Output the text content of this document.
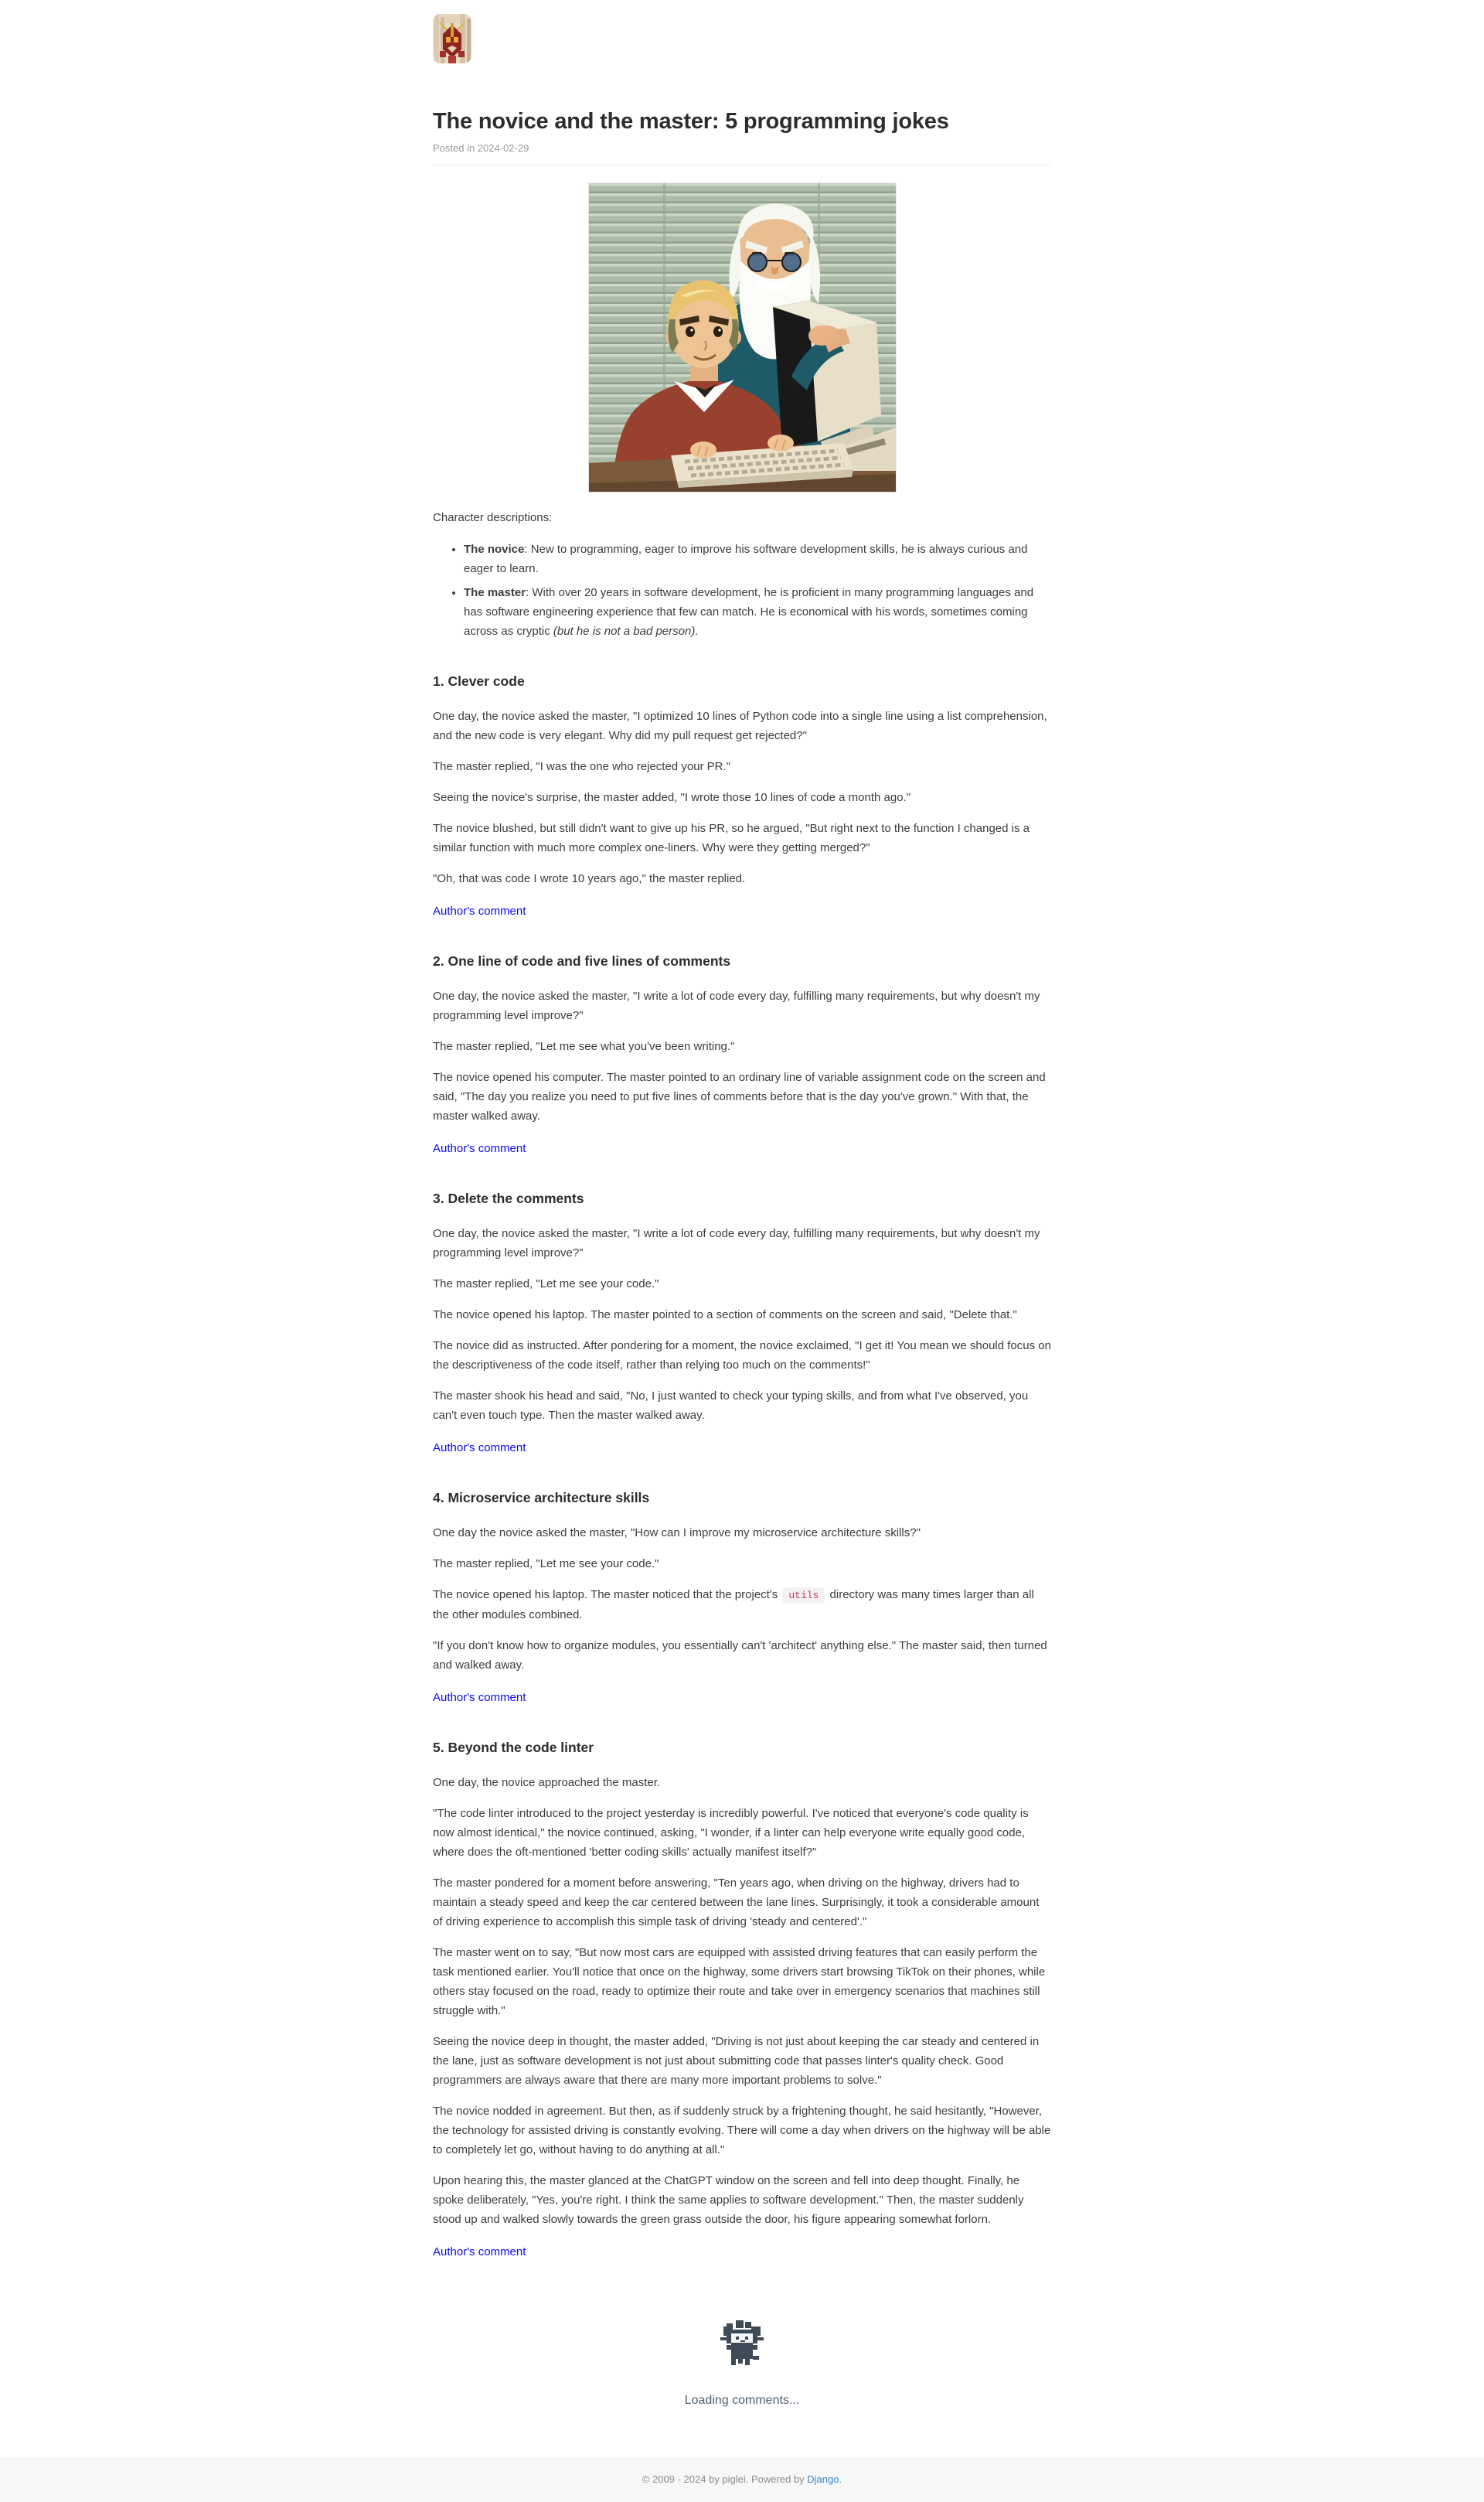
The novice and the master: 5 programming jokes
Posted in 2024-02-29

Character descriptions:

• The novice: New to programming, eager to improve his software development skills, he is always curious and eager to learn.
• The master: With over 20 years in software development, he is proficient in many programming languages and has software engineering experience that few can match. He is economical with his words, sometimes coming across as cryptic (but he is not a bad person).
1. Clever code

One day, the novice asked the master, "I optimized 10 lines of Python code into a single line using a list comprehension, and the new code is very elegant. Why did my pull request get rejected?"

The master replied, "I was the one who rejected your PR."

Seeing the novice's surprise, the master added, "I wrote those 10 lines of code a month ago."

The novice blushed, but still didn't want to give up his PR, so he argued, "But right next to the function I changed is a similar function with much more complex one-liners. Why were they getting merged?"

"Oh, that was code I wrote 10 years ago," the master replied.

Author's comment

2. One line of code and five lines of comments

One day, the novice asked the master, "I write a lot of code every day, fulfilling many requirements, but why doesn't my programming level improve?"

The master replied, "Let me see what you've been writing."

The novice opened his computer. The master pointed to an ordinary line of variable assignment code on the screen and said, "The day you realize you need to put five lines of comments before that is the day you've grown." With that, the master walked away.

Author's comment

3. Delete the comments

One day, the novice asked the master, "I write a lot of code every day, fulfilling many requirements, but why doesn't my programming level improve?"

The master replied, "Let me see your code."

The novice opened his laptop. The master pointed to a section of comments on the screen and said, "Delete that."

The novice did as instructed. After pondering for a moment, the novice exclaimed, "I get it! You mean we should focus on the descriptiveness of the code itself, rather than relying too much on the comments!"

The master shook his head and said, "No, I just wanted to check your typing skills, and from what I've observed, you can't even touch type. Then the master walked away.

Author's comment

4. Microservice architecture skills

One day the novice asked the master, "How can I improve my microservice architecture skills?"

The master replied, "Let me see your code."

The novice opened his laptop. The master noticed that the project's utils directory was many times larger than all the other modules combined.

"If you don't know how to organize modules, you essentially can't 'architect' anything else." The master said, then turned and walked away.

Author's comment

5. Beyond the code linter

One day, the novice approached the master.

"The code linter introduced to the project yesterday is incredibly powerful. I've noticed that everyone's code quality is now almost identical," the novice continued, asking, "I wonder, if a linter can help everyone write equally good code, where does the oft-mentioned 'better coding skills' actually manifest itself?"

The master pondered for a moment before answering, "Ten years ago, when driving on the highway, drivers had to maintain a steady speed and keep the car centered between the lane lines. Surprisingly, it took a considerable amount of driving experience to accomplish this simple task of driving 'steady and centered'."

The master went on to say, "But now most cars are equipped with assisted driving features that can easily perform the task mentioned earlier. You'll notice that once on the highway, some drivers start browsing TikTok on their phones, while others stay focused on the road, ready to optimize their route and take over in emergency scenarios that machines still struggle with."

Seeing the novice deep in thought, the master added, "Driving is not just about keeping the car steady and centered in the lane, just as software development is not just about submitting code that passes linter's quality check. Good programmers are always aware that there are many more important problems to solve."

The novice nodded in agreement. But then, as if suddenly struck by a frightening thought, he said hesitantly, "However, the technology for assisted driving is constantly evolving. There will come a day when drivers on the highway will be able to completely let go, without having to do anything at all."

Upon hearing this, the master glanced at the ChatGPT window on the screen and fell into deep thought. Finally, he spoke deliberately, "Yes, you're right. I think the same applies to software development." Then, the master suddenly stood up and walked slowly towards the green grass outside the door, his figure appearing somewhat forlorn.

Author's comment

Loading comments...
© 2009 - 2024 by piglei. Powered by Django.
